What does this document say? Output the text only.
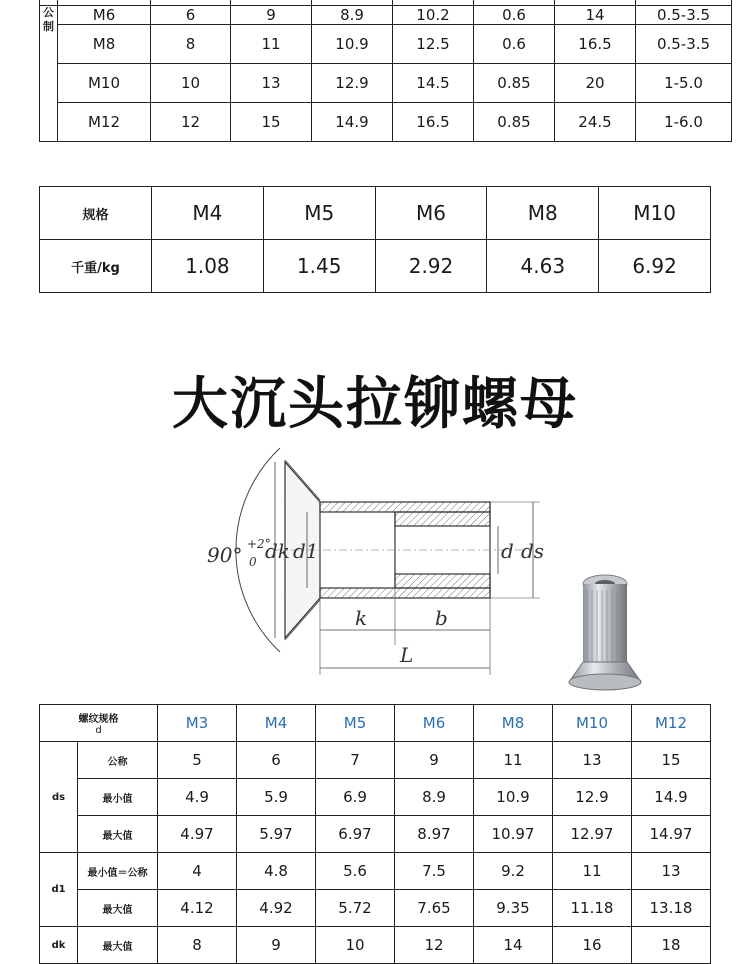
公
制	M6	6	9	8.9	10.2	0.6	14	0.5-3.5
	M8	8	11	10.9	12.5	0.6	16.5	0.5-3.5
	M10	10	13	12.9	14.5	0.85	20	1-5.0
	M12	12	15	14.9	16.5	0.85	24.5	1-6.0
规格	M4	M5	M6	M8	M10
千重/kg	1.08	1.45	2.92	4.63	6.92
大沉头拉铆螺母
90° +2°
0 dk d1	d ds
k	b
L
螺纹规格
d		M3	M4	M5	M6	M8	M10	M12
ds	公称	5	6	7	9	11	13	15
	最小值	4.9	5.9	6.9	8.9	10.9	12.9	14.9
	最大值	4.97	5.97	6.97	8.97	10.97	12.97	14.97
d1	最小值＝公称	4	4.8	5.6	7.5	9.2	11	13
	最大值	4.12	4.92	5.72	7.65	9.35	11.18	13.18
dk	最大值	8	9	10	12	14	16	18
